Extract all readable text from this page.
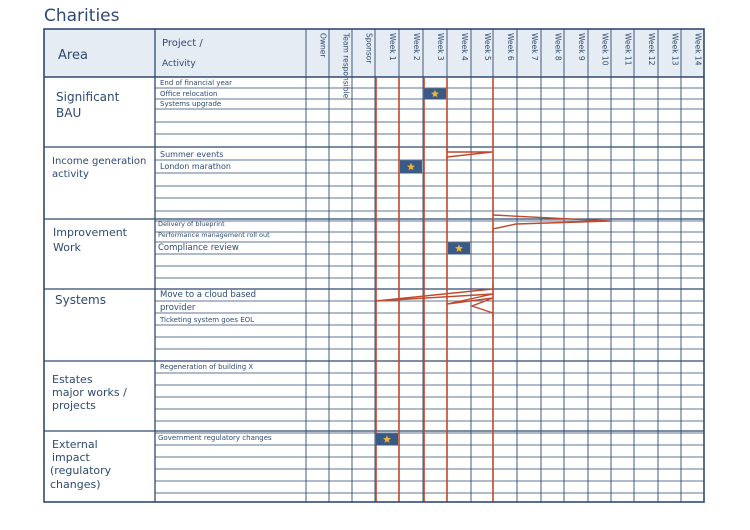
Charities
Area
Project /
Activity
Owner Team responsible Sponsor Week 1 Week 2 Week 3 Week 4 Week 5 Week 6 Week 7 Week 8 Week 9 Week 10 Week 11 Week 12 Week 13 Week 14
Significant
BAU
Income generation
activity
Improvement
Work
Systems
Estates
major works /
projects
External
impact
(regulatory
changes)
End of financial year
Office relocation
Systems upgrade
Summer events
London marathon
Delivery of blueprint
Performance management roll out
Compliance review
Move to a cloud based
provider
Ticketing system goes EOL
Regeneration of building X
Government regulatory changes
